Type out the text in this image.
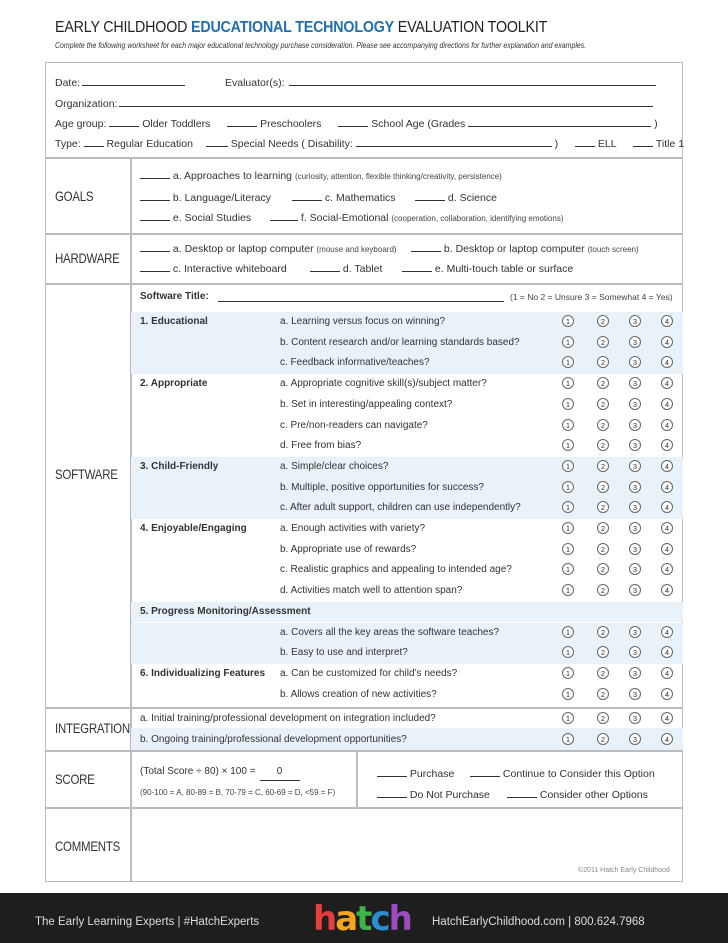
EARLY CHILDHOOD EDUCATIONAL TECHNOLOGY EVALUATION TOOLKIT
Complete the following worksheet for each major educational technology purchase consideration. Please see accompanying directions for further explanation and examples.
Date:	Evaluator(s):
Organization:
Age group:	Older Toddlers	Preschoolers	School Age (Grades	)
Type: Regular Education	Special Needs ( Disability:	)	ELL	Title 1
GOALS
a. Approaches to learning (curiosity, attention, flexible thinking/creativity, persistence)
b. Language/Literacy	c. Mathematics	d. Science
e. Social Studies	f. Social-Emotional (cooperation, collaboration, identifying emotions)
HARDWARE
a. Desktop or laptop computer (mouse and keyboard)	b. Desktop or laptop computer (touch screen)
c. Interactive whiteboard	d. Tablet	e. Multi-touch table or surface
SOFTWARE
Software Title:	(1 = No 2 = Unsure 3 = Somewhat 4 = Yes)
1. Educational	a. Learning versus focus on winning?	1	2	3	4
b. Content research and/or learning standards based?	1	2	3	4
c. Feedback informative/teaches?	1	2	3	4
2. Appropriate	a. Appropriate cognitive skill(s)/subject matter?	1	2	3	4
b. Set in interesting/appealing context?	1	2	3	4
c. Pre/non-readers can navigate?	1	2	3	4
d. Free from bias?	1	2	3	4
3. Child-Friendly	a. Simple/clear choices?	1	2	3	4
b. Multiple, positive opportunities for success?	1	2	3	4
c. After adult support, children can use independently?	1	2	3	4
4. Enjoyable/Engaging	a. Enough activities with variety?	1	2	3	4
b. Appropriate use of rewards?	1	2	3	4
c. Realistic graphics and appealing to intended age?	1	2	3	4
d. Activities match well to attention span?	1	2	3	4
5. Progress Monitoring/Assessment
a. Covers all the key areas the software teaches?	1	2	3	4
b. Easy to use and interpret?	1	2	3	4
6. Individualizing Features a. Can be customized for child’s needs?	1	2	3	4
b. Allows creation of new activities?	1	2	3	4
INTEGRATION
a. Initial training/professional development on integration included?	1	2	3	4
b. Ongoing training/professional development opportunities?	1	2	3	4
SCORE	(Total Score ÷ 80) × 100 = 0
(90-100 = A, 80-89 = B, 70-79 = C, 60-69 = D, <59 = F)
Purchase	Continue to Consider this Option
Do Not Purchase	Consider other Options
COMMENTS
©2011 Hatch Early Childhood
The Early Learning Experts | #HatchExperts hatch HatchEarlyChildhood.com | 800.624.7968
